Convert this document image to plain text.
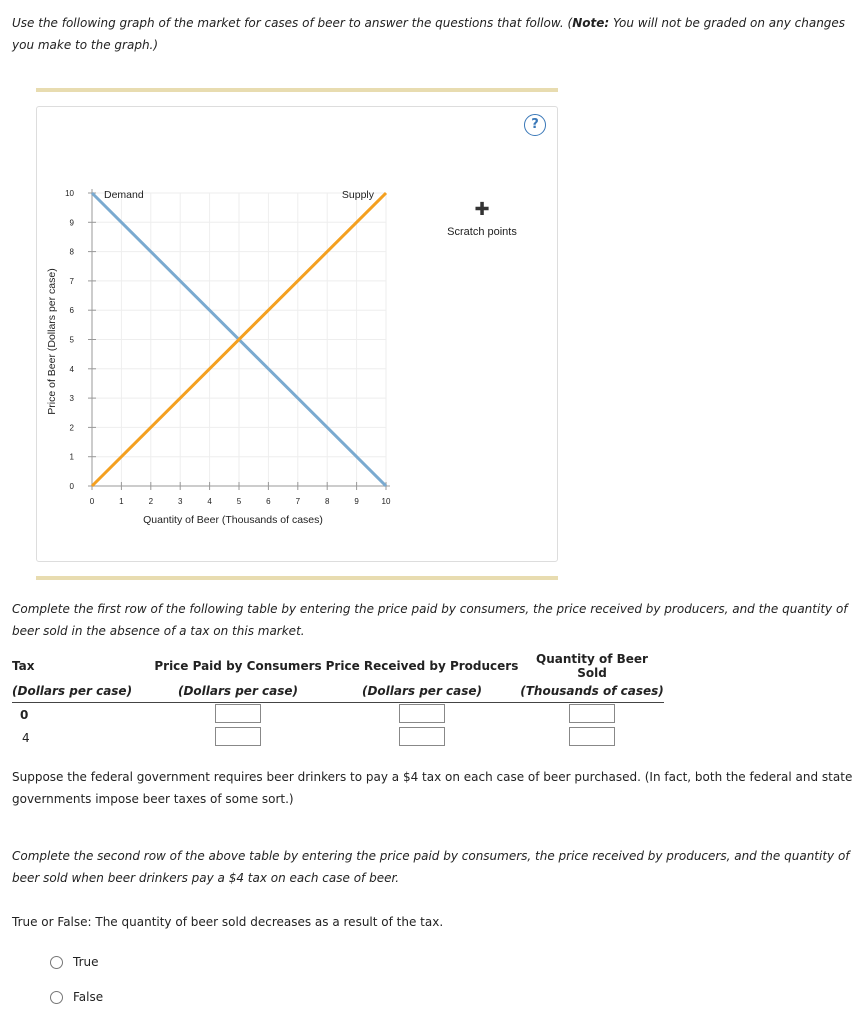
Use the following graph of the market for cases of beer to answer the questions that follow. (Note: You will not be graded on any changes you make to the graph.)
?
0	1	2	3	4	5	6	7	8	9	10
0
1
2
3
4
5
6
7
8
9
10	Demand	Supply
Quantity of Beer (Thousands of cases)
Price of Beer (Dollars per case)
✚
Scratch points
Complete the first row of the following table by entering the price paid by consumers, the price received by producers, and the quantity of beer sold in the absence of a tax on this market.
Tax	Price Paid by Consumers	Price Received by Producers	Quantity of Beer Sold
(Dollars per case)	(Dollars per case)	(Dollars per case)	(Thousands of cases)
0			
4			
Suppose the federal government requires beer drinkers to pay a $4 tax on each case of beer purchased. (In fact, both the federal and state governments impose beer taxes of some sort.)
Complete the second row of the above table by entering the price paid by consumers, the price received by producers, and the quantity of beer sold when beer drinkers pay a $4 tax on each case of beer.
True or False: The quantity of beer sold decreases as a result of the tax.
True
False
